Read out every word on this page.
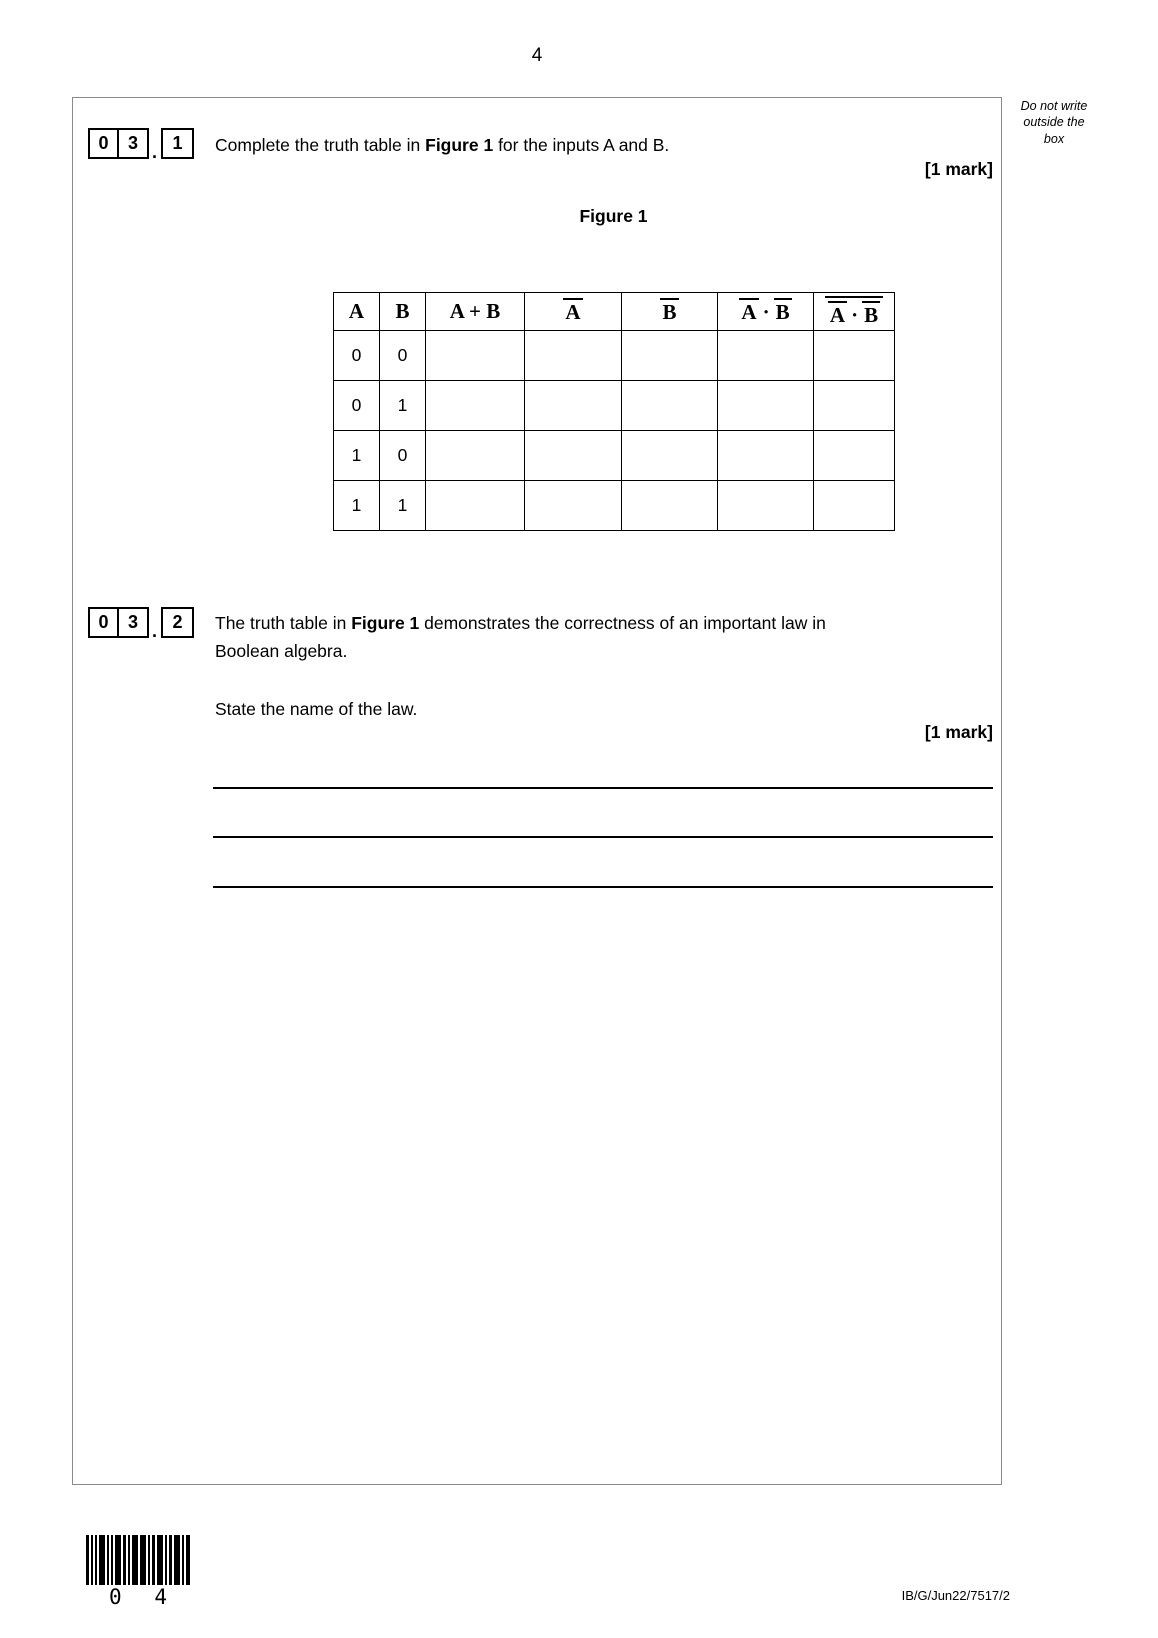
4
Do not write
outside the
box
0	3 . 1	Complete the truth table in Figure 1 for the inputs A and B.
[1 mark]
Figure 1
A	B	A + B	A	B	A · B	A · B
0	0					
0	1					
1	0					
1	1					
0	3 . 2	The truth table in Figure 1 demonstrates the correctness of an important law in
Boolean algebra.
State the name of the law.
[1 mark]
0 4	IB/G/Jun22/7517/2
